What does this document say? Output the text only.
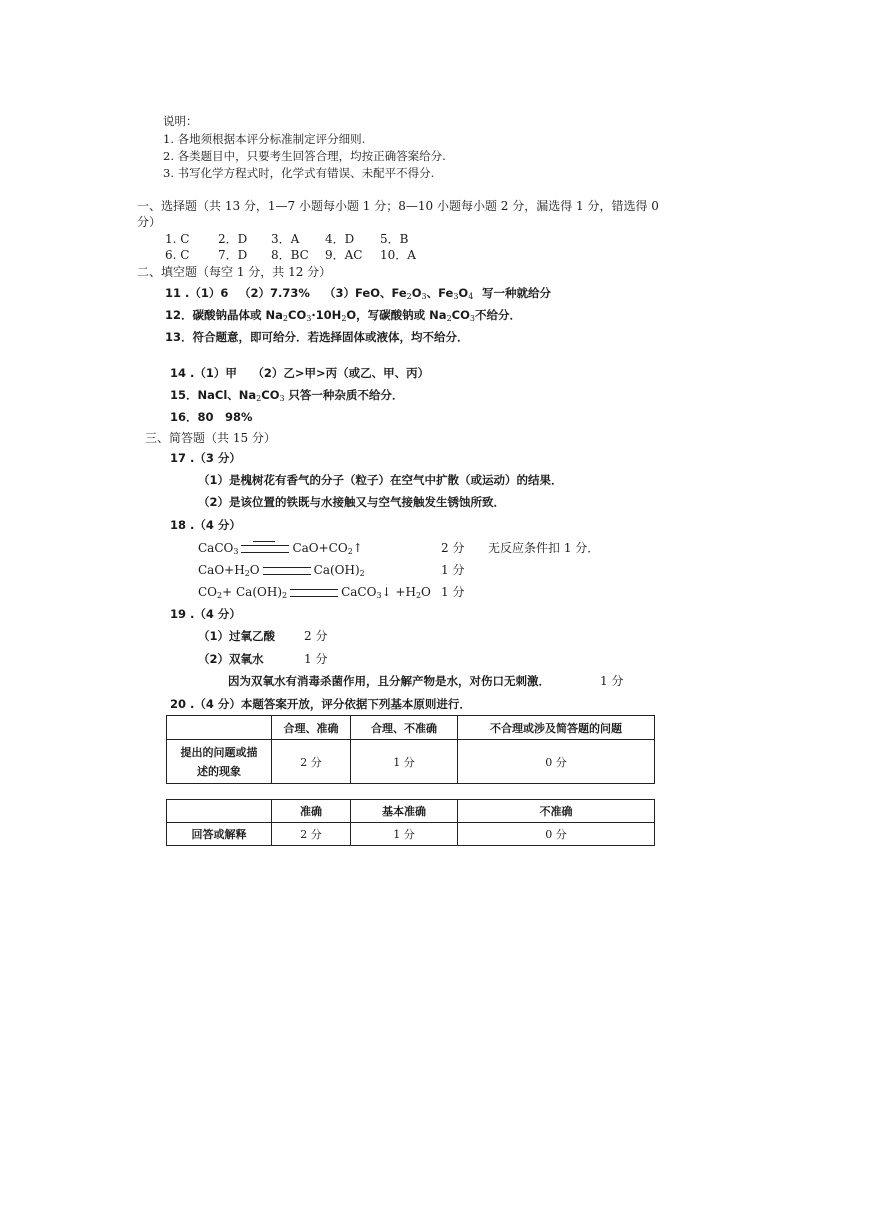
说明：
1. 各地须根据本评分标准制定评分细则.
2. 各类题目中，只要考生回答合理，均按正确答案给分.
3. 书写化学方程式时，化学式有错误、未配平不得分.
一、选择题（共 13 分，1—7 小题每小题 1 分；8—10 小题每小题 2 分，漏选得 1 分，错选得 0
分）
1. C 2．D 3．A 4．D 5．B
6. C 7．D 8．BC 9．AC 10．A
二、填空题（每空 1 分，共 12 分）
11 .（1）6 （2）7.73% （3）FeO、$Fe_2O_3$、$Fe_3O_4$ 写一种就给分
12．碳酸钠晶体或 $Na_2CO_3\cdot 10H_2O$，写碳酸钠或 $Na_2CO_3$不给分．
13．符合题意，即可给分．若选择固体或液体，均不给分．
14 .（1）甲　 （2）乙>甲>丙（或乙、甲、丙）
15．NaCl、$Na_2CO_3$ 只答一种杂质不给分．
16．80　98%
三、简答题（共 15 分）
17 .（3 分）
（1）是槐树花有香气的分子（粒子）在空气中扩散（或运动）的结果．
（2）是该位置的铁既与水接触又与空气接触发生锈蚀所致．
18 .（4 分）
CaCO$_3$	$CaO+CO_2↑$	2 分 无反应条件扣 1 分．
$CaO+H_2O$	$Ca(OH)_2$	1 分
$CO_2+ Ca(OH)_2$	CaCO$_3$↓ $+H_2O$ 1 分
19 .（4 分）
（1）过氧乙酸 2 分
（2）双氧水	1 分
因为双氧水有消毒杀菌作用，且分解产物是水，对伤口无刺激．	1 分
20 .（4 分）本题答案开放，评分依据下列基本原则进行．
	合理、准确	合理、不准确	不合理或涉及简答题的问题

提出的问题或描
述的现象	2 分	1 分	0 分
	准确	基本准确	不准确
回答或解释	2 分	1 分	0 分
